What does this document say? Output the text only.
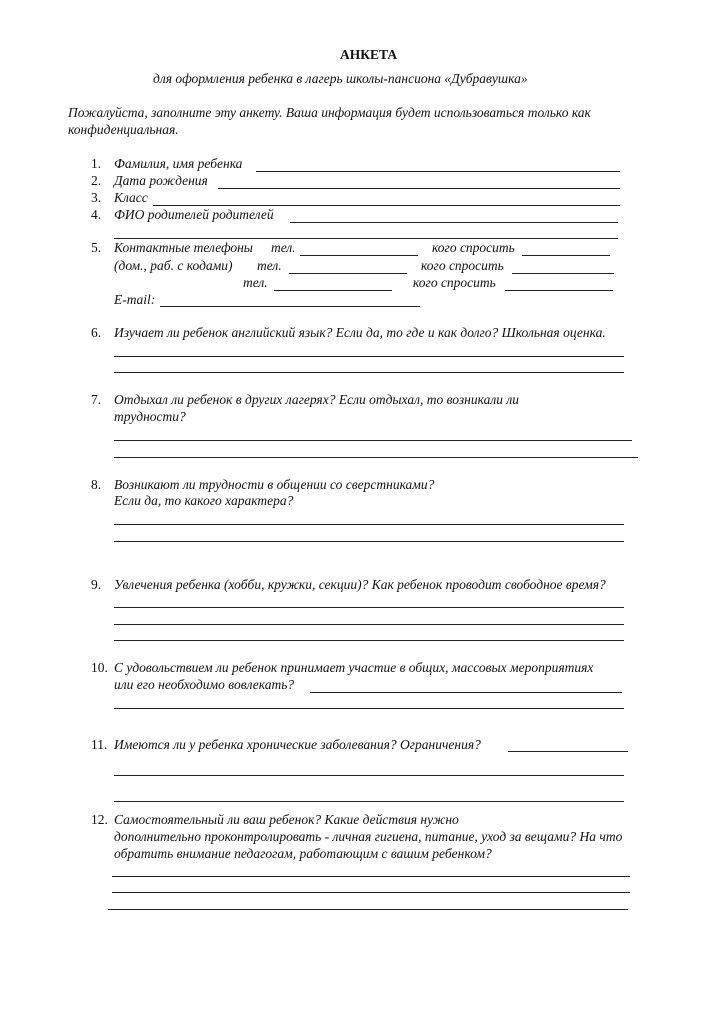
АНКЕТА
для оформления ребенка в лагерь школы-пансиона «Дубравушка»
Пожалуйста, заполните эту анкету. Ваша информация будет использоваться только как
конфиденциальная.
1. Фамилия, имя ребенка
2. Дата рождения
3. Класс
4. ФИО родителей родителей
5. Контактные телефоны тел.	кого спросить
(дом., раб. с кодами) тел.	кого спросить
тел.	кого спросить
E-mail:
6. Изучает ли ребенок английский язык? Если да, то где и как долго? Школьная оценка.
7. Отдыхал ли ребенок в других лагерях? Если отдыхал, то возникали ли
трудности?
8. Возникают ли трудности в общении со сверстниками?
Если да, то какого характера?
9. Увлечения ребенка (хобби, кружки, секции)? Как ребенок проводит свободное время?
10. С удовольствием ли ребенок принимает участие в общих, массовых мероприятиях
или его необходимо вовлекать?
11. Имеются ли у ребенка хронические заболевания? Ограничения?
12. Самостоятельный ли ваш ребенок? Какие действия нужно
дополнительно проконтролировать - личная гигиена, питание, уход за вещами? На что
обратить внимание педагогам, работающим с вашим ребенком?
